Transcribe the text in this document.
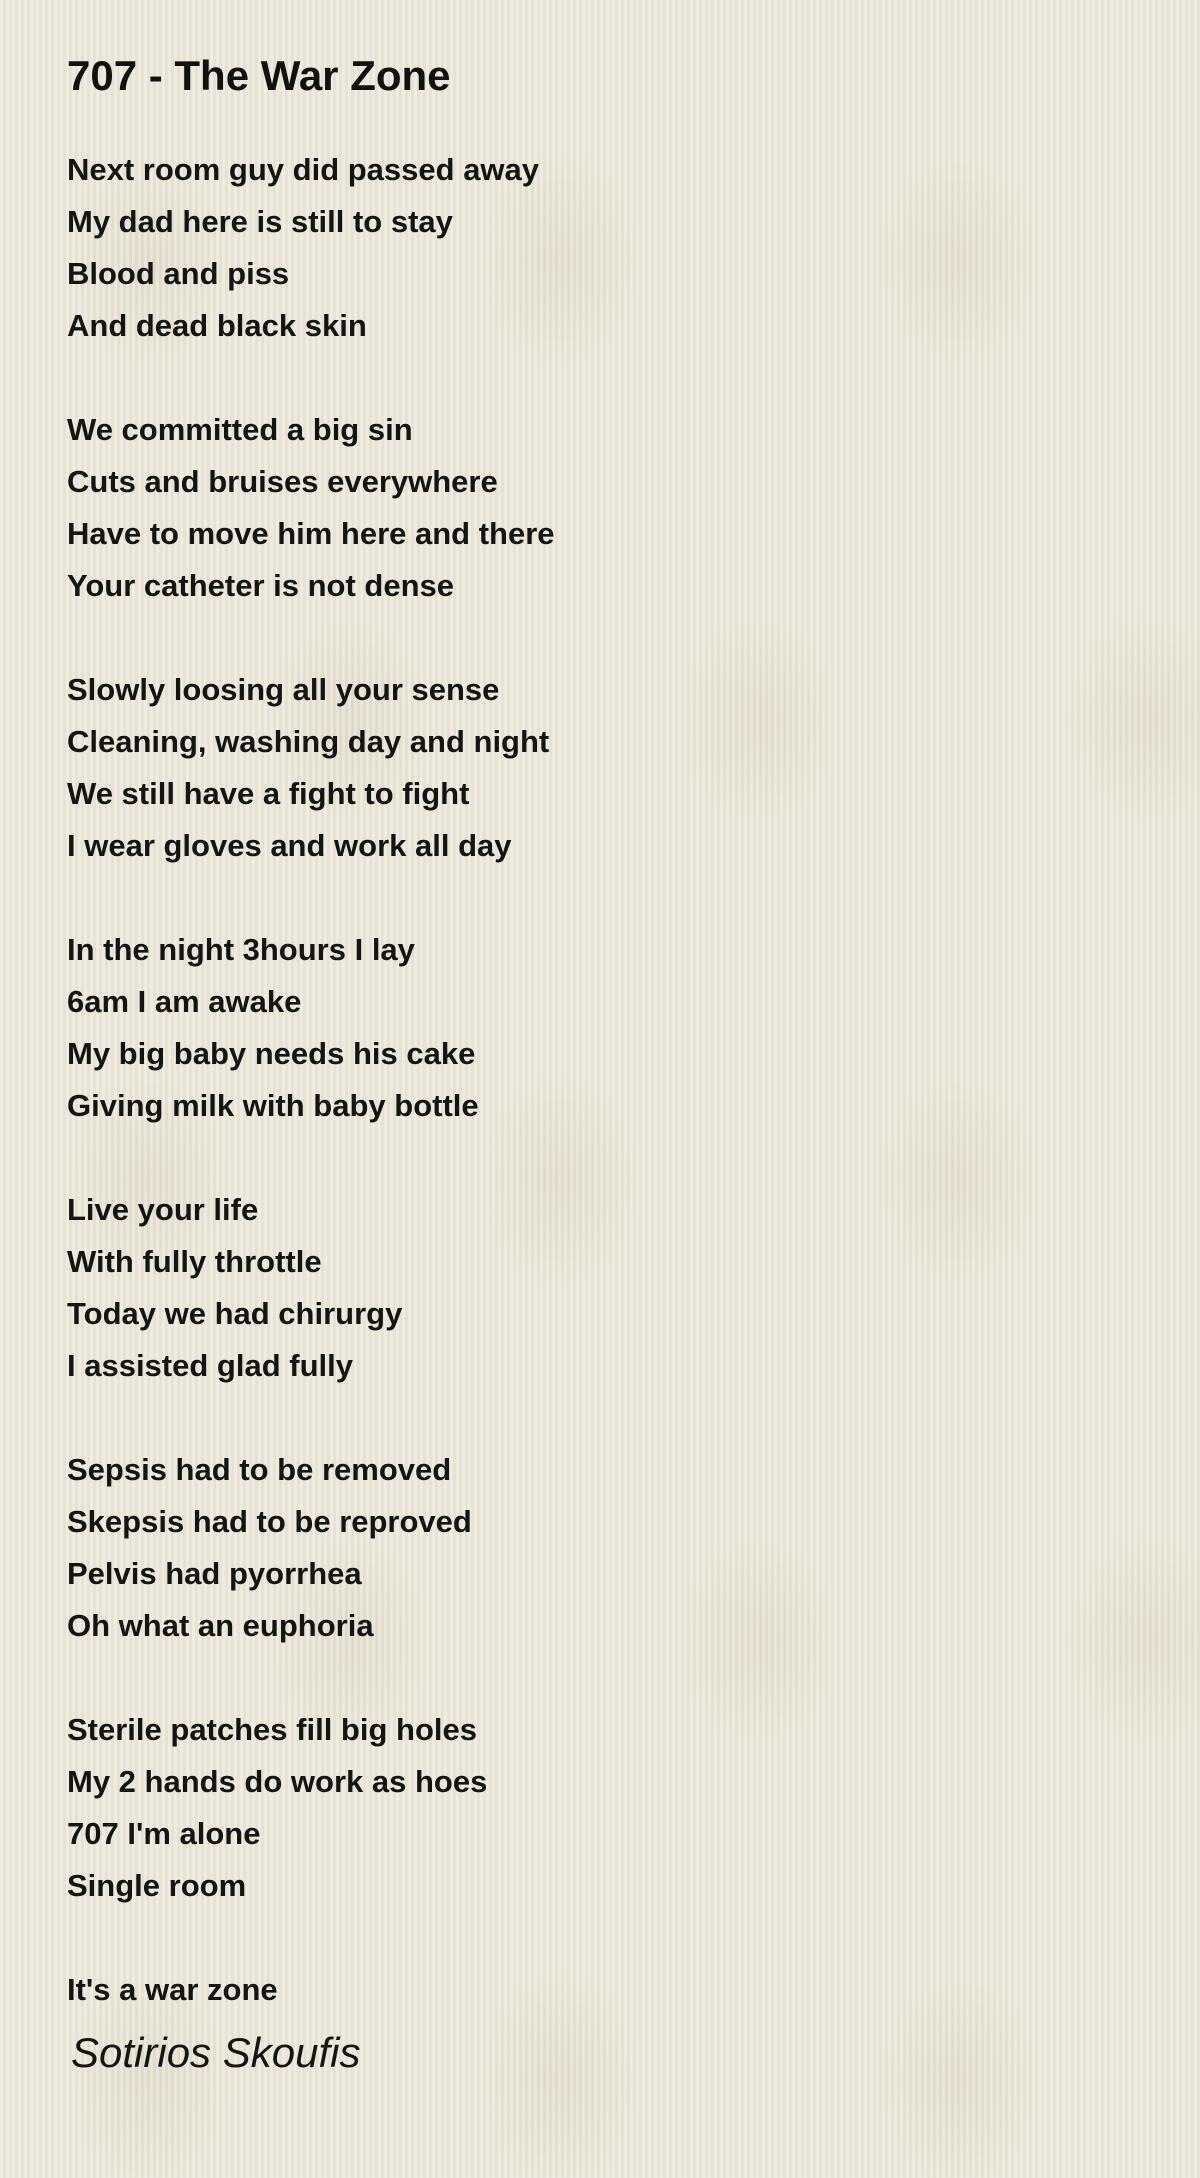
707 - The War Zone
Next room guy did passed away
My dad here is still to stay
Blood and piss
And dead black skin
We committed a big sin
Cuts and bruises everywhere
Have to move him here and there
Your catheter is not dense
Slowly loosing all your sense
Cleaning, washing day and night
We still have a fight to fight
I wear gloves and work all day
In the night 3hours I lay
6am I am awake
My big baby needs his cake
Giving milk with baby bottle
Live your life
With fully throttle
Today we had chirurgy
I assisted glad fully
Sepsis had to be removed
Skepsis had to be reproved
Pelvis had pyorrhea
Oh what an euphoria
Sterile patches fill big holes
My 2 hands do work as hoes
707 I'm alone
Single room
It's a war zone
Sotirios Skoufis
